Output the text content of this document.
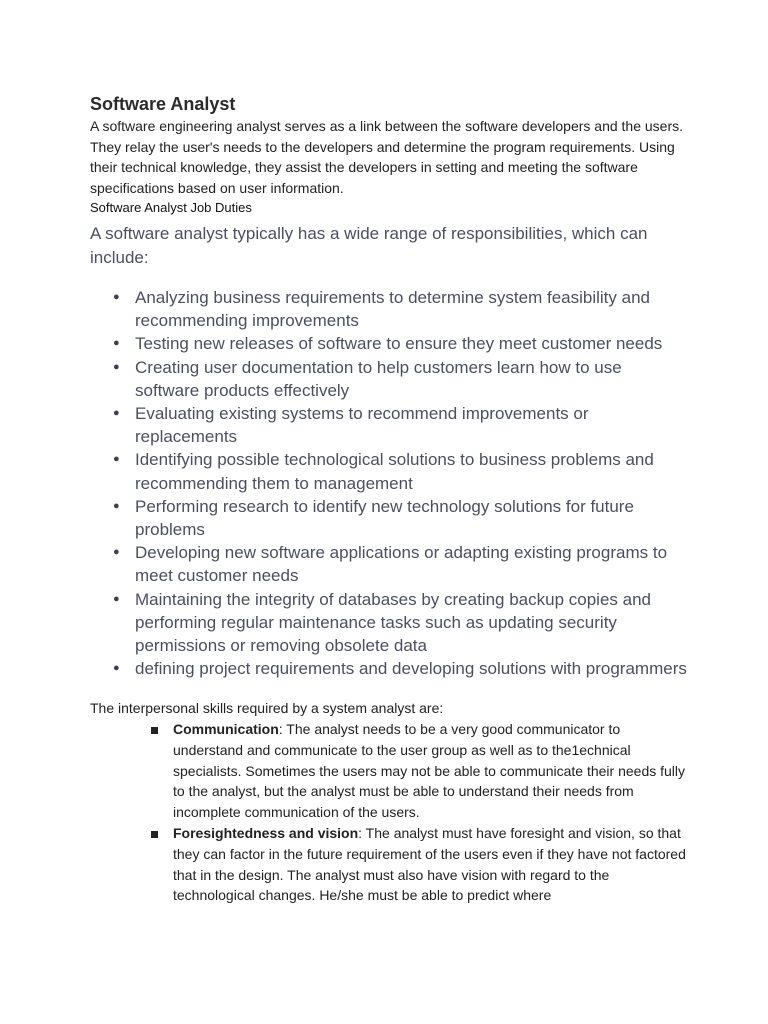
Software Analyst

A software engineering analyst serves as a link between the software developers and the users. They relay the user's needs to the developers and determine the program requirements. Using their technical knowledge, they assist the developers in setting and meeting the software specifications based on user information.

Software Analyst Job Duties

A software analyst typically has a wide range of responsibilities, which can include:

● Analyzing business requirements to determine system feasibility and recommending improvements
● Testing new releases of software to ensure they meet customer needs
● Creating user documentation to help customers learn how to use software products effectively
● Evaluating existing systems to recommend improvements or replacements
● Identifying possible technological solutions to business problems and recommending them to management
● Performing research to identify new technology solutions for future problems
● Developing new software applications or adapting existing programs to meet customer needs
● Maintaining the integrity of databases by creating backup copies and performing regular maintenance tasks such as updating security permissions or removing obsolete data
● defining project requirements and developing solutions with programmers

The interpersonal skills required by a system analyst are:

Communication: The analyst needs to be a very good communicator to understand and communicate to the user group as well as to the1echnical specialists. Sometimes the users may not be able to communicate their needs fully to the analyst, but the analyst must be able to understand their needs from incomplete communication of the users.
Foresightedness and vision: The analyst must have foresight and vision, so that they can factor in the future requirement of the users even if they have not factored that in the design. The analyst must also have vision with regard to the technological changes. He/she must be able to predict where
